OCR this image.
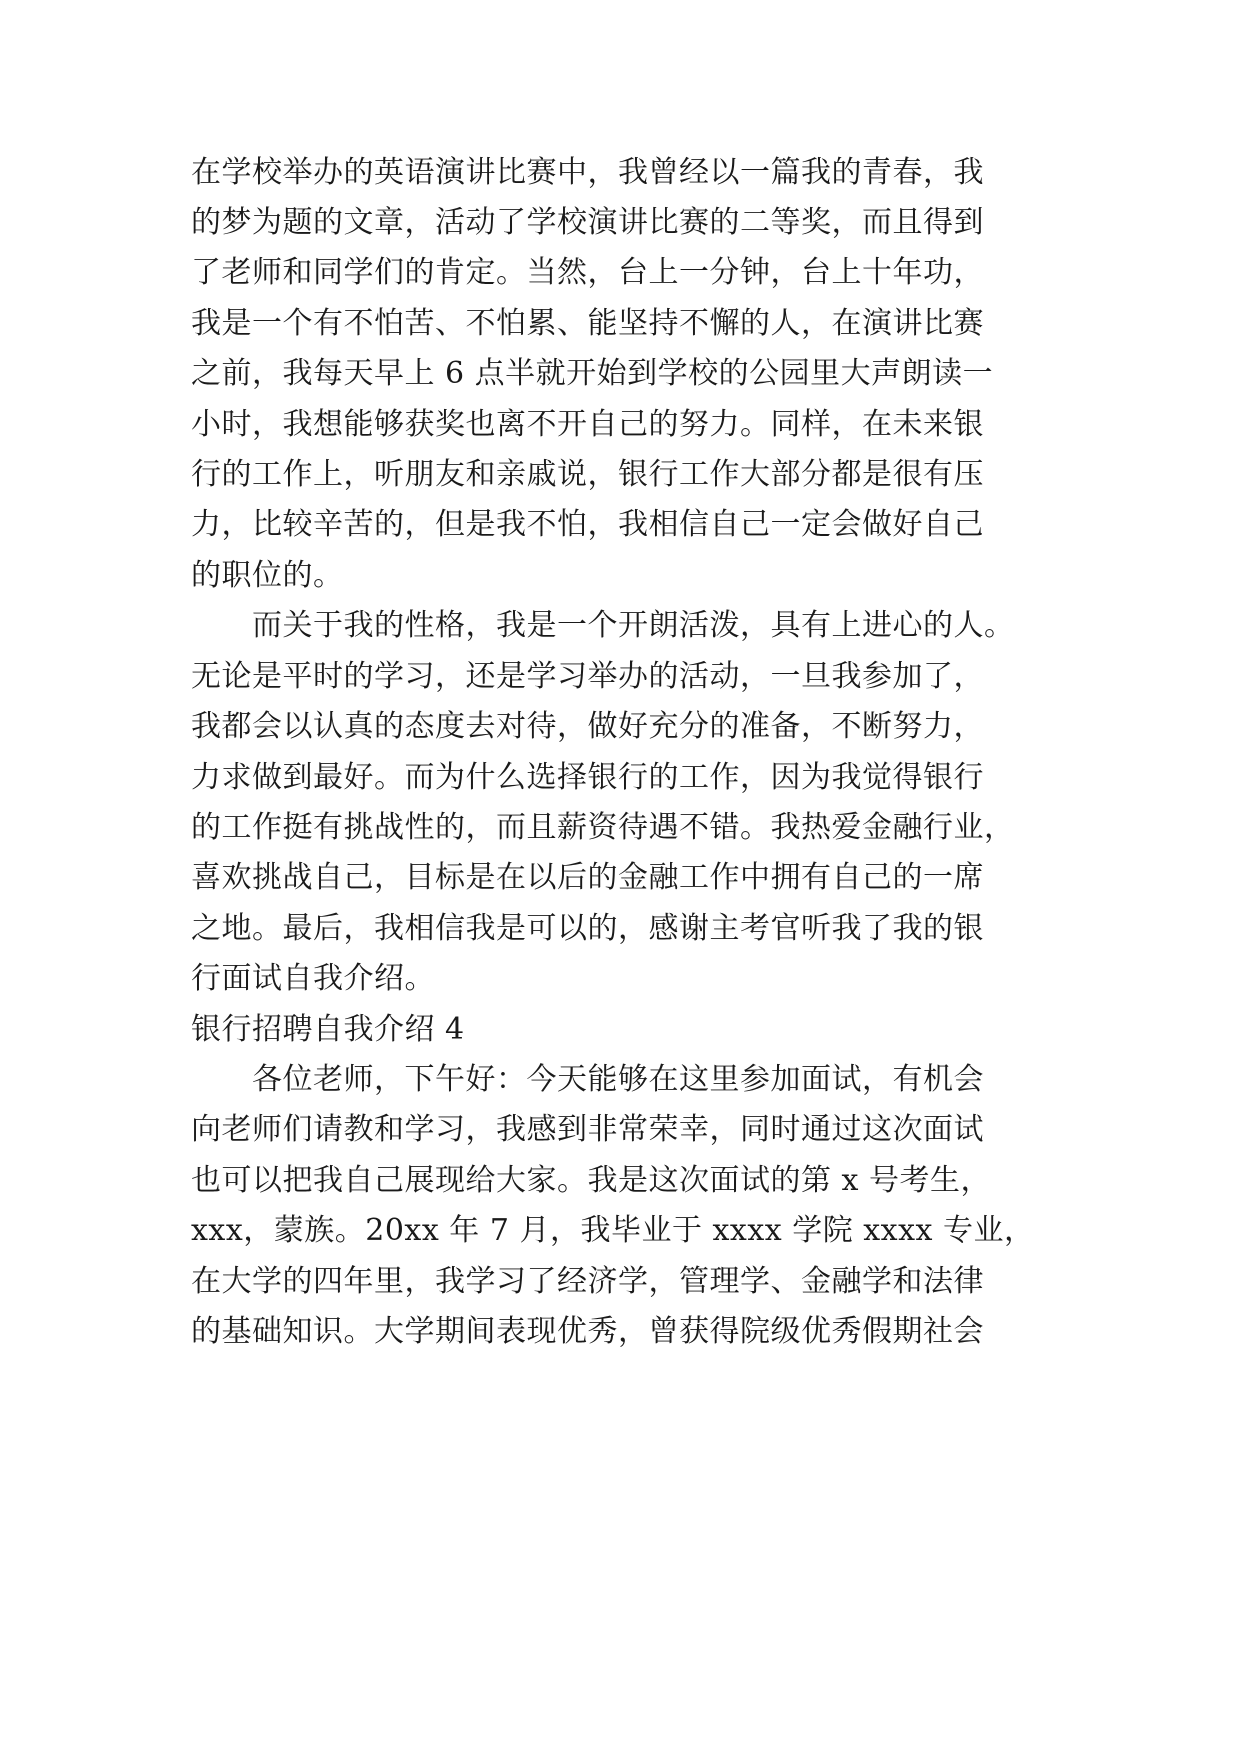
在学校举办的英语演讲比赛中，我曾经以一篇我的青春，我
的梦为题的文章，活动了学校演讲比赛的二等奖，而且得到
了老师和同学们的肯定。当然，台上一分钟，台上十年功，
我是一个有不怕苦、不怕累、能坚持不懈的人，在演讲比赛
之前，我每天早上 6 点半就开始到学校的公园里大声朗读一
小时，我想能够获奖也离不开自己的努力。同样，在未来银
行的工作上，听朋友和亲戚说，银行工作大部分都是很有压
力，比较辛苦的，但是我不怕，我相信自己一定会做好自己
的职位的。
而关于我的性格，我是一个开朗活泼，具有上进心的人。
无论是平时的学习，还是学习举办的活动，一旦我参加了，
我都会以认真的态度去对待，做好充分的准备，不断努力，
力求做到最好。而为什么选择银行的工作，因为我觉得银行
的工作挺有挑战性的，而且薪资待遇不错。我热爱金融行业，
喜欢挑战自己，目标是在以后的金融工作中拥有自己的一席
之地。最后，我相信我是可以的，感谢主考官听我了我的银
行面试自我介绍。
银行招聘自我介绍 4
各位老师，下午好：今天能够在这里参加面试，有机会
向老师们请教和学习，我感到非常荣幸，同时通过这次面试
也可以把我自己展现给大家。我是这次面试的第 x 号考生，
xxx，蒙族。20xx 年 7 月，我毕业于 xxxx 学院 xxxx 专业，
在大学的四年里，我学习了经济学，管理学、金融学和法律
的基础知识。大学期间表现优秀，曾获得院级优秀假期社会
